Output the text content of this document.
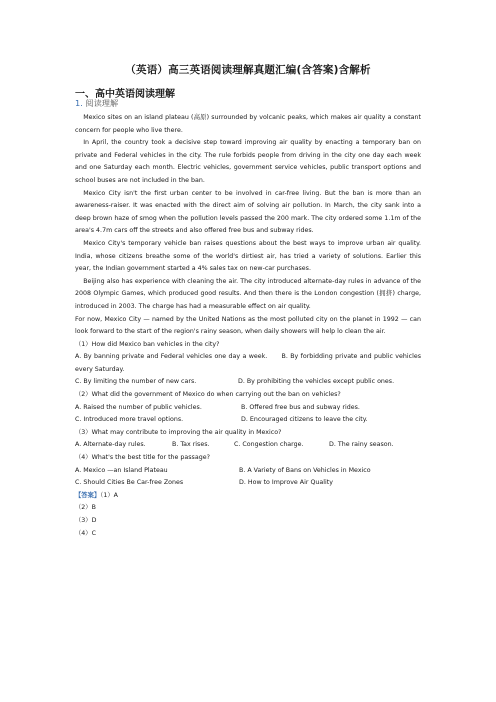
（英语）高三英语阅读理解真题汇编(含答案)含解析
一、高中英语阅读理解
1. 阅读理解

Mexico sites on an island plateau (高原) surrounded by volcanic peaks, which makes air quality a constant concern for people who live there.

In April, the country took a decisive step toward improving air quality by enacting a temporary ban on private and Federal vehicles in the city. The rule forbids people from driving in the city one day each week and one Saturday each month. Electric vehicles, government service vehicles, public transport options and school buses are not included in the ban.

Mexico City isn't the first urban center to be involved in car-free living. But the ban is more than an awareness-raiser. It was enacted with the direct aim of solving air pollution. In March, the city sank into a deep brown haze of smog when the pollution levels passed the 200 mark. The city ordered some 1.1m of the area's 4.7m cars off the streets and also offered free bus and subway rides.

Mexico City's temporary vehicle ban raises questions about the best ways to improve urban air quality. India, whose citizens breathe some of the world's dirtiest air, has tried a variety of solutions. Earlier this year, the Indian government started a 4% sales tax on new-car purchases.

Beijing also has experience with cleaning the air. The city introduced alternate-day rules in advance of the 2008 Olympic Games, which produced good results. And then there is the London congestion (拥挤) charge, introduced in 2003. The charge has had a measurable effect on air quality.

For now, Mexico City — named by the United Nations as the most polluted city on the planet in 1992 — can look forward to the start of the region's rainy season, when daily showers will help lo clean the air.

（1）How did Mexico ban vehicles in the city?

A. By banning private and Federal vehicles one day a week. B. By forbidding private and public vehicles every Saturday.

C. By limiting the number of new cars.	D. By prohibiting the vehicles except public ones.

（2）What did the government of Mexico do when carrying out the ban on vehicles?

A. Raised the number of public vehicles.	B. Offered free bus and subway rides.
C. Introduced more travel options.	D. Encouraged citizens to leave the city.

（3）What may contribute to improving the air quality in Mexico?

A. Alternate-day rules.	B. Tax rises.	C. Congestion charge.	D. The rainy season.

（4）What's the best title for the passage?

A. Mexico —an Island Plateau	B. A Variety of Bans on Vehicles in Mexico
C. Should Cities Be Car-free Zones	D. How to Improve Air Quality

【答案】（1）A

（2）B

（3）D

（4）C
